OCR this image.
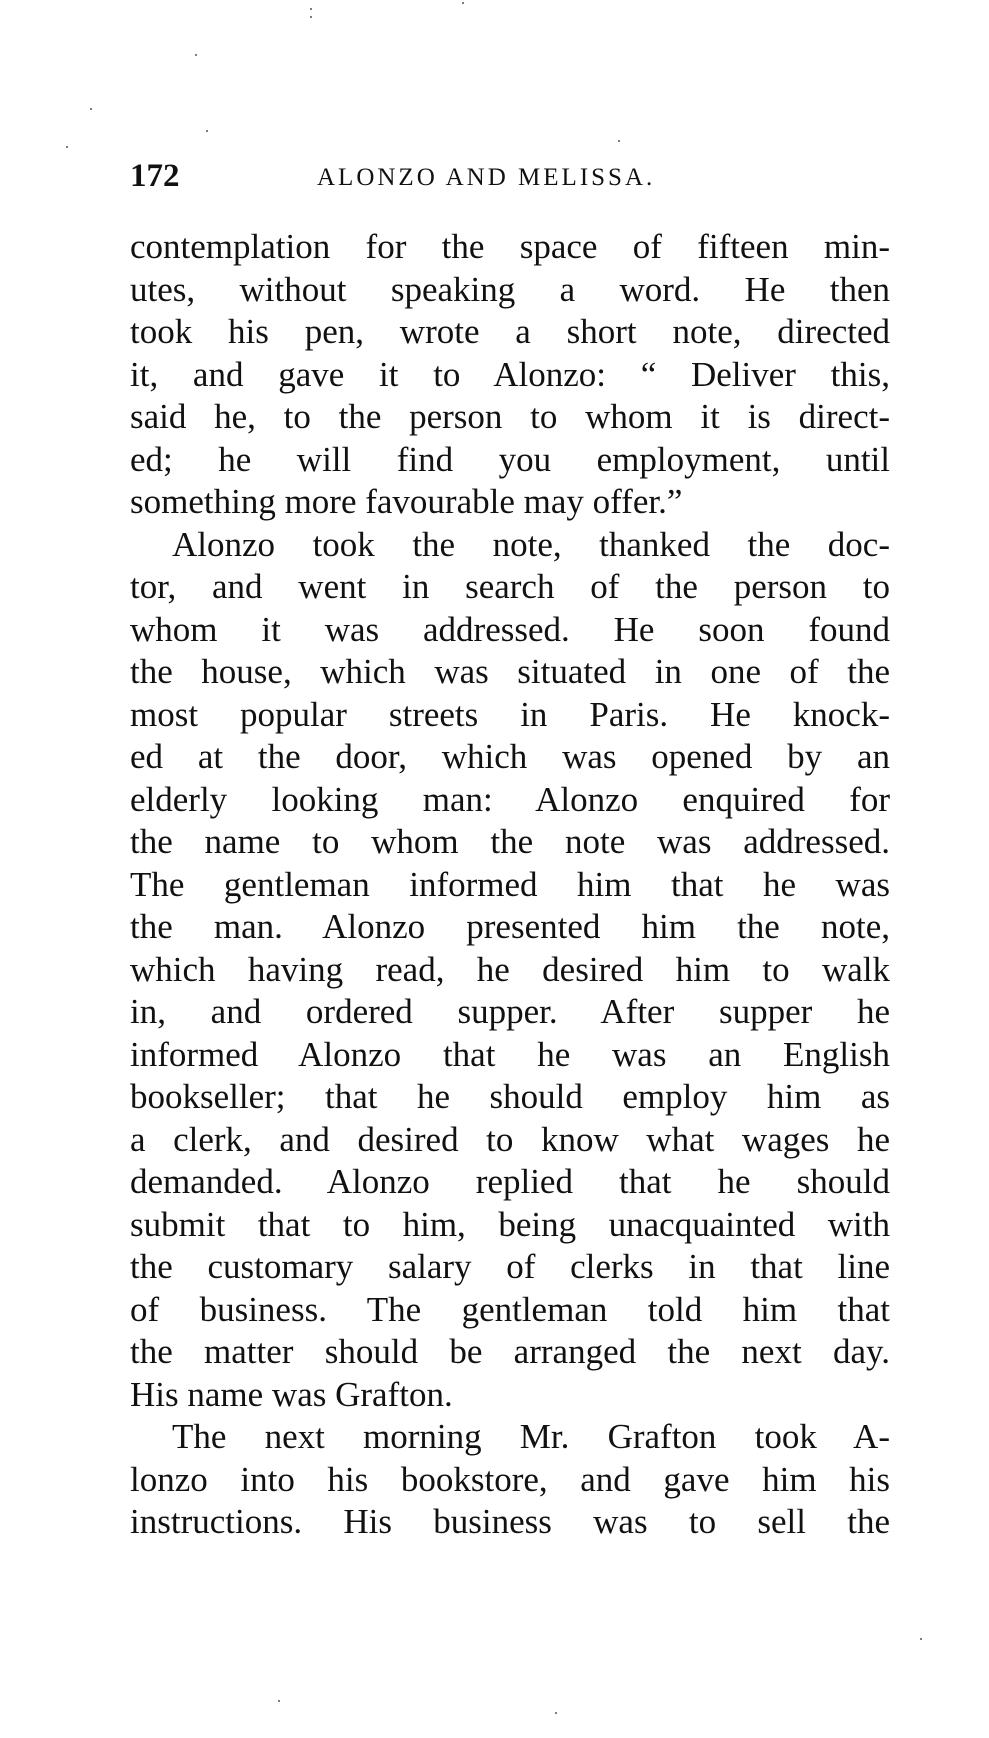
172	ALONZO AND MELISSA.
contemplation for the space of fifteen min-
utes, without speaking a word. He then
took his pen, wrote a short note, directed
it, and gave it to Alonzo: “ Deliver this,
said he, to the person to whom it is direct-
ed; he will find you employment, until
something more favourable may offer.”
Alonzo took the note, thanked the doc-
tor, and went in search of the person to
whom it was addressed. He soon found
the house, which was situated in one of the
most popular streets in Paris. He knock-
ed at the door, which was opened by an
elderly looking man: Alonzo enquired for
the name to whom the note was addressed.
The gentleman informed him that he was
the man. Alonzo presented him the note,
which having read, he desired him to walk
in, and ordered supper. After supper he
informed Alonzo that he was an English
bookseller; that he should employ him as
a clerk, and desired to know what wages he
demanded. Alonzo replied that he should
submit that to him, being unacquainted with
the customary salary of clerks in that line
of business. The gentleman told him that
the matter should be arranged the next day.
His name was Grafton.
The next morning Mr. Grafton took A-
lonzo into his bookstore, and gave him his
instructions. His business was to sell the
